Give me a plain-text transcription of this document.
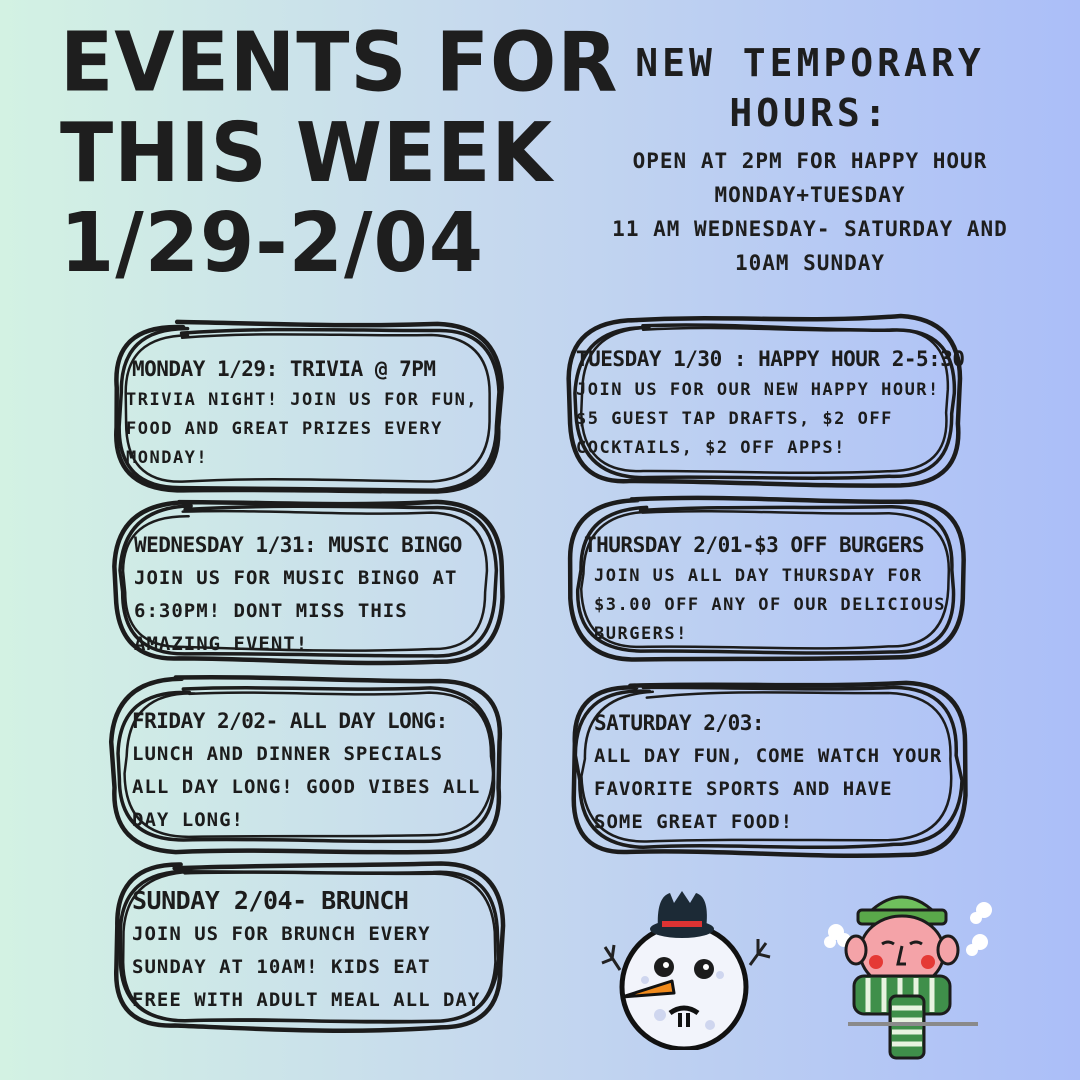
EVENTS FOR
THIS WEEK
1/29-2/04
NEW TEMPORARY
HOURS:
OPEN AT 2PM FOR HAPPY HOUR
MONDAY+TUESDAY
11 AM WEDNESDAY- SATURDAY AND
10AM SUNDAY
MONDAY 1/29: TRIVIA @ 7PM
TRIVIA NIGHT! JOIN US FOR FUN, FOOD AND GREAT PRIZES EVERY MONDAY!
TUESDAY 1/30 : HAPPY HOUR 2-5:30
JOIN US FOR OUR NEW HAPPY HOUR! $5 GUEST TAP DRAFTS, $2 OFF COCKTAILS, $2 OFF APPS!
WEDNESDAY 1/31: MUSIC BINGO
JOIN US FOR MUSIC BINGO AT 6:30PM! DONT MISS THIS AMAZING EVENT!
THURSDAY 2/01-$3 OFF BURGERS
JOIN US ALL DAY THURSDAY FOR $3.00 OFF ANY OF OUR DELICIOUS BURGERS!
FRIDAY 2/02- ALL DAY LONG:
LUNCH AND DINNER SPECIALS ALL DAY LONG! GOOD VIBES ALL DAY LONG!
SATURDAY 2/03:
ALL DAY FUN, COME WATCH YOUR FAVORITE SPORTS AND HAVE SOME GREAT FOOD!
SUNDAY 2/04- BRUNCH
JOIN US FOR BRUNCH EVERY SUNDAY AT 10AM! KIDS EAT FREE WITH ADULT MEAL ALL DAY
